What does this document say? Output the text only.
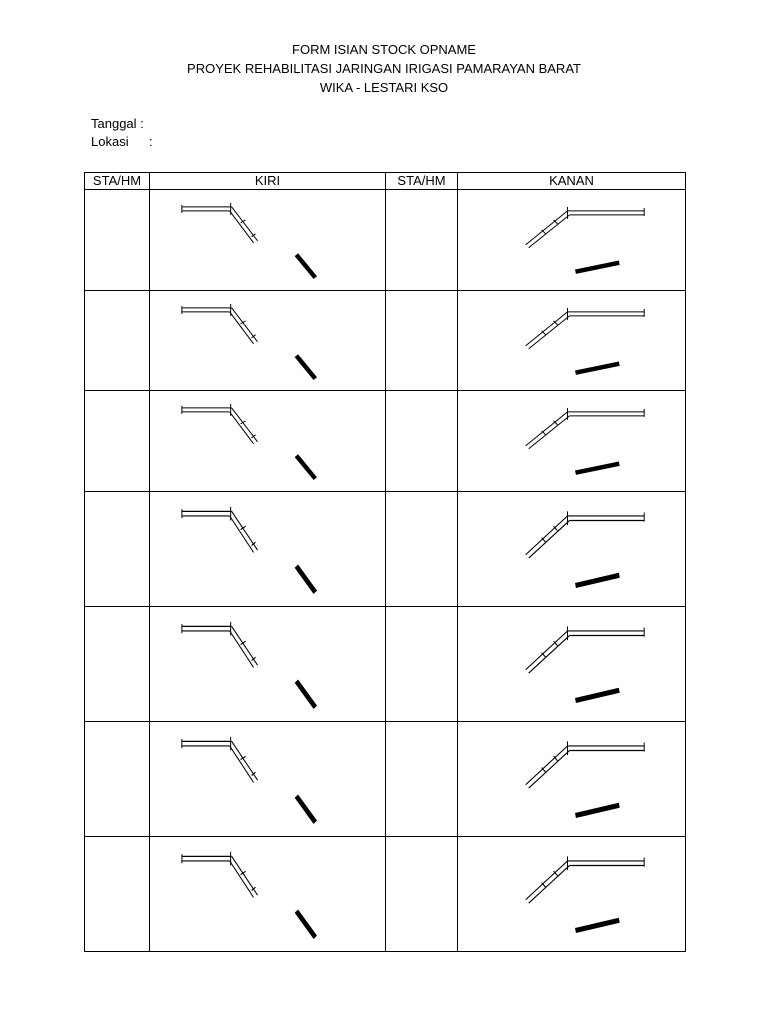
FORM ISIAN STOCK OPNAME
PROYEK REHABILITASI JARINGAN IRIGASI PAMARAYAN BARAT
WIKA - LESTARI KSO
Tanggal :
Lokasi	:
STA/HM	KIRI	STA/HM	KANAN
